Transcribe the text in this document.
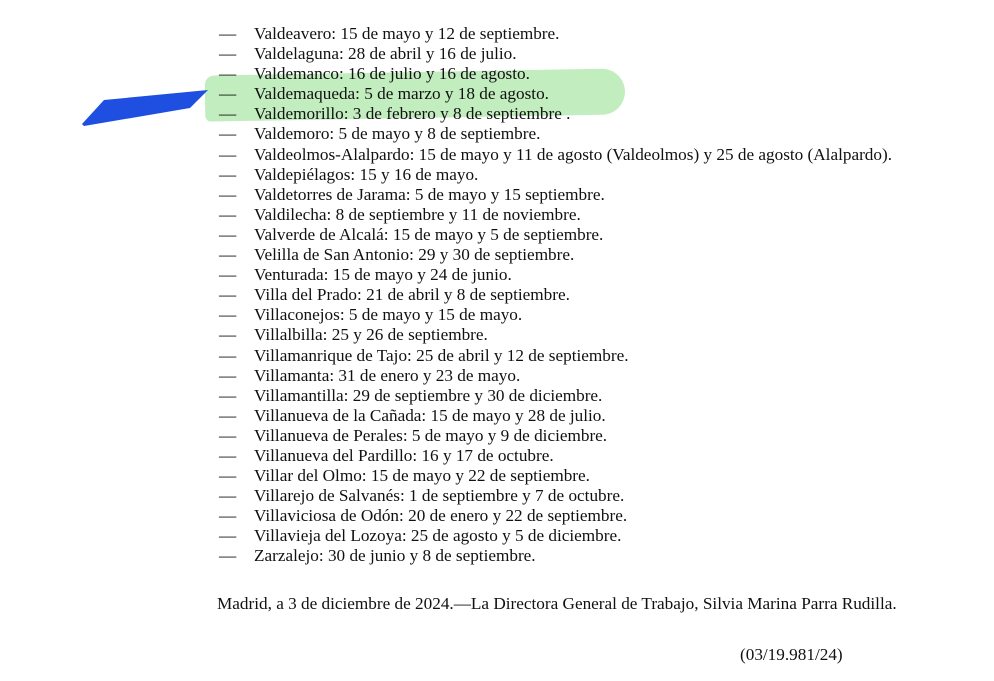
—	Valdeavero: 15 de mayo y 12 de septiembre.
—	Valdelaguna: 28 de abril y 16 de julio.
—	Valdemanco: 16 de julio y 16 de agosto.
—	Valdemaqueda: 5 de marzo y 18 de agosto.
—	Valdemorillo: 3 de febrero y 8 de septiembre .
—	Valdemoro: 5 de mayo y 8 de septiembre.
—	Valdeolmos-Alalpardo: 15 de mayo y 11 de agosto (Valdeolmos) y 25 de agosto (Alalpardo).
—	Valdepiélagos: 15 y 16 de mayo.
—	Valdetorres de Jarama: 5 de mayo y 15 septiembre.
—	Valdilecha: 8 de septiembre y 11 de noviembre.
—	Valverde de Alcalá: 15 de mayo y 5 de septiembre.
—	Velilla de San Antonio: 29 y 30 de septiembre.
—	Venturada: 15 de mayo y 24 de junio.
—	Villa del Prado: 21 de abril y 8 de septiembre.
—	Villaconejos: 5 de mayo y 15 de mayo.
—	Villalbilla: 25 y 26 de septiembre.
—	Villamanrique de Tajo: 25 de abril y 12 de septiembre.
—	Villamanta: 31 de enero y 23 de mayo.
—	Villamantilla: 29 de septiembre y 30 de diciembre.
—	Villanueva de la Cañada: 15 de mayo y 28 de julio.
—	Villanueva de Perales: 5 de mayo y 9 de diciembre.
—	Villanueva del Pardillo: 16 y 17 de octubre.
—	Villar del Olmo: 15 de mayo y 22 de septiembre.
—	Villarejo de Salvanés: 1 de septiembre y 7 de octubre.
—	Villaviciosa de Odón: 20 de enero y 22 de septiembre.
—	Villavieja del Lozoya: 25 de agosto y 5 de diciembre.
—	Zarzalejo: 30 de junio y 8 de septiembre.

Madrid, a 3 de diciembre de 2024.—La Directora General de Trabajo, Silvia Marina Parra Rudilla.

(03/19.981/24)
